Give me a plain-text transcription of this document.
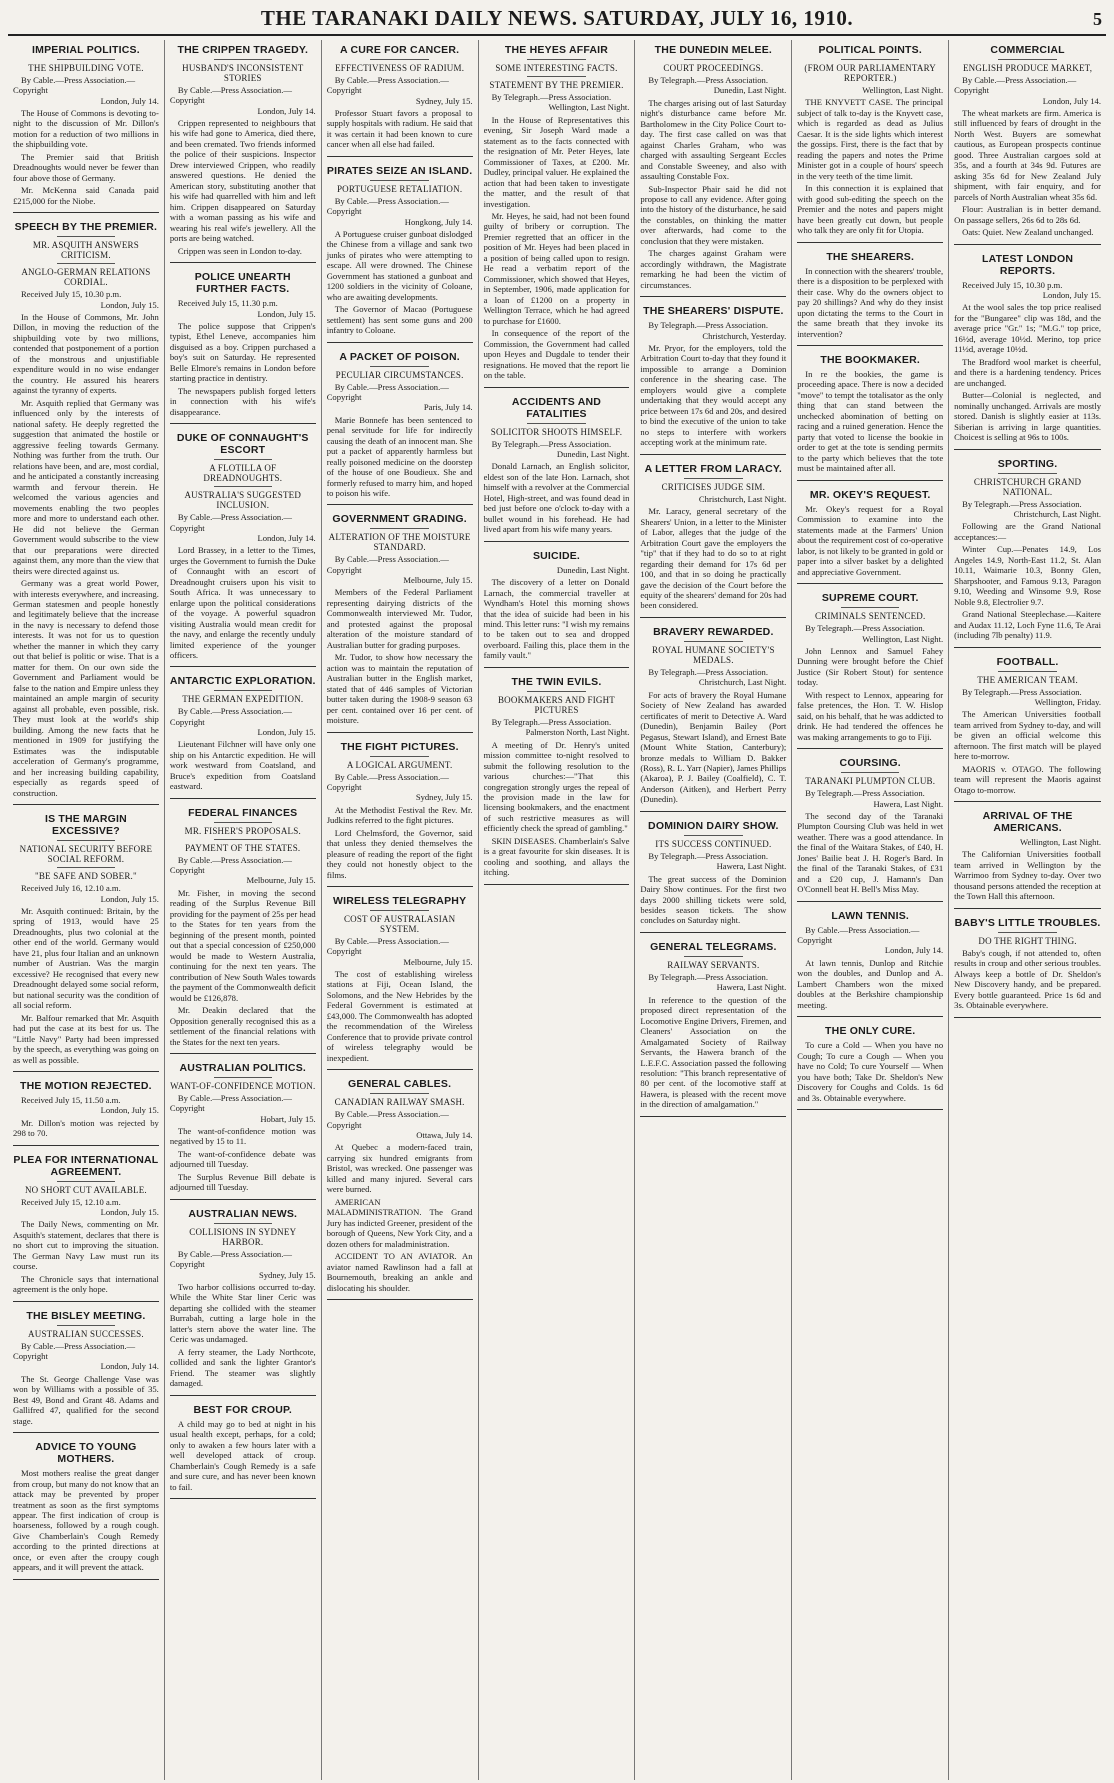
THE TARANAKI DAILY NEWS. SATURDAY, JULY 16, 1910.	5
IMPERIAL POLITICS.
THE SHIPBUILDING VOTE.
By Cable.—Press Association.—Copyright
London, July 14.

The House of Commons is devoting to-night to the discussion of Mr. Dillon's motion for a reduction of two millions in the shipbuilding vote.

The Premier said that British Dreadnoughts would never be fewer than four above those of Germany.

Mr. McKenna said Canada paid £215,000 for the Niobe.

SPEECH BY THE PREMIER.
MR. ASQUITH ANSWERS CRITICISM.
ANGLO-GERMAN RELATIONS CORDIAL.
Received July 15, 10.30 p.m.
London, July 15.

In the House of Commons, Mr. John Dillon, in moving the reduction of the shipbuilding vote by two millions, contended that postponement of a portion of the monstrous and unjustifiable expenditure would in no wise endanger the country. He assured his hearers against the tyranny of experts.

Mr. Asquith replied that Germany was influenced only by the interests of national safety. He deeply regretted the suggestion that animated the hostile or aggressive feeling towards Germany. Nothing was further from the truth. Our relations have been, and are, most cordial, and he anticipated a constantly increasing warmth and fervour therein. He welcomed the various agencies and movements enabling the two peoples more and more to understand each other. He did not believe the German Government would subscribe to the view that our preparations were directed against them, any more than the view that theirs were directed against us.

Germany was a great world Power, with interests everywhere, and increasing. German statesmen and people honestly and legitimately believe that the increase in the navy is necessary to defend those interests. It was not for us to question whether the manner in which they carry out that belief is politic or wise. That is a matter for them. On our own side the Government and Parliament would be false to the nation and Empire unless they maintained an ample margin of security against all probable, even possible, risk. They must look at the world's ship building. Among the new facts that he mentioned in 1909 for justifying the Estimates was the indisputable acceleration of Germany's programme, and her increasing building capability, especially as regards speed of construction.

IS THE MARGIN EXCESSIVE?
NATIONAL SECURITY BEFORE SOCIAL REFORM.
"BE SAFE AND SOBER."
Received July 16, 12.10 a.m.
London, July 15.

Mr. Asquith continued: Britain, by the spring of 1913, would have 25 Dreadnoughts, plus two colonial at the other end of the world. Germany would have 21, plus four Italian and an unknown number of Austrian. Was the margin excessive? He recognised that every new Dreadnought delayed some social reform, but national security was the condition of all social reform.

Mr. Balfour remarked that Mr. Asquith had put the case at its best for us. The "Little Navy" Party had been impressed by the speech, as everything was going on as well as possible.

THE MOTION REJECTED.
Received July 15, 11.50 a.m.
London, July 15.

Mr. Dillon's motion was rejected by 298 to 70.

PLEA FOR INTERNATIONAL AGREEMENT.
NO SHORT CUT AVAILABLE.
Received July 15, 12.10 a.m.
London, July 15.

The Daily News, commenting on Mr. Asquith's statement, declares that there is no short cut to improving the situation. The German Navy Law must run its course.

The Chronicle says that international agreement is the only hope.

THE BISLEY MEETING.
AUSTRALIAN SUCCESSES.
By Cable.—Press Association.—Copyright
London, July 14.

The St. George Challenge Vase was won by Williams with a possible of 35. Best 49, Bond and Grant 48. Adams and Gallifred 47, qualified for the second stage.

ADVICE TO YOUNG MOTHERS.

Most mothers realise the great danger from croup, but many do not know that an attack may be prevented by proper treatment as soon as the first symptoms appear. The first indication of croup is hoarseness, followed by a rough cough. Give Chamberlain's Cough Remedy according to the printed directions at once, or even after the croupy cough appears, and it will prevent the attack.

THE CRIPPEN TRAGEDY.
HUSBAND'S INCONSISTENT STORIES
By Cable.—Press Association.—Copyright
London, July 14.

Crippen represented to neighbours that his wife had gone to America, died there, and been cremated. Two friends informed the police of their suspicions. Inspector Drew interviewed Crippen, who readily answered questions. He denied the American story, substituting another that his wife had quarrelled with him and left him. Crippen disappeared on Saturday with a woman passing as his wife and wearing his real wife's jewellery. All the ports are being watched.

Crippen was seen in London to-day.

POLICE UNEARTH FURTHER FACTS.
Received July 15, 11.30 p.m.
London, July 15.

The police suppose that Crippen's typist, Ethel Leneve, accompanies him disguised as a boy. Crippen purchased a boy's suit on Saturday. He represented Belle Elmore's remains in London before starting practice in dentistry.

The newspapers publish forged letters in connection with his wife's disappearance.

DUKE OF CONNAUGHT'S ESCORT
A FLOTILLA OF DREADNOUGHTS.
AUSTRALIA'S SUGGESTED INCLUSION.
By Cable.—Press Association.—Copyright
London, July 14.

Lord Brassey, in a letter to the Times, urges the Government to furnish the Duke of Connaught with an escort of Dreadnought cruisers upon his visit to South Africa. It was unnecessary to enlarge upon the political considerations of the voyage. A powerful squadron visiting Australia would mean credit for the navy, and enlarge the recently unduly limited experience of the younger officers.

ANTARCTIC EXPLORATION.
THE GERMAN EXPEDITION.
By Cable.—Press Association.—Copyright
London, July 15.

Lieutenant Filchner will have only one ship on his Antarctic expedition. He will work westward from Coatsland, and Bruce's expedition from Coatsland eastward.

FEDERAL FINANCES
MR. FISHER'S PROPOSALS.
PAYMENT OF THE STATES.
By Cable.—Press Association.—Copyright
Melbourne, July 15.

Mr. Fisher, in moving the second reading of the Surplus Revenue Bill providing for the payment of 25s per head to the States for ten years from the beginning of the present month, pointed out that a special concession of £250,000 would be made to Western Australia, continuing for the next ten years. The contribution of New South Wales towards the payment of the Commonwealth deficit would be £126,878.

Mr. Deakin declared that the Opposition generally recognised this as a settlement of the financial relations with the States for the next ten years.

AUSTRALIAN POLITICS.
WANT-OF-CONFIDENCE MOTION.
By Cable.—Press Association.—Copyright
Hobart, July 15.

The want-of-confidence motion was negatived by 15 to 11.

The want-of-confidence debate was adjourned till Tuesday.

The Surplus Revenue Bill debate is adjourned till Tuesday.

AUSTRALIAN NEWS.
COLLISIONS IN SYDNEY HARBOR.
By Cable.—Press Association.—Copyright
Sydney, July 15.

Two harbor collisions occurred to-day. While the White Star liner Ceric was departing she collided with the steamer Burrabah, cutting a large hole in the latter's stern above the water line. The Ceric was undamaged.

A ferry steamer, the Lady Northcote, collided and sank the lighter Grantor's Friend. The steamer was slightly damaged.

BEST FOR CROUP.

A child may go to bed at night in his usual health except, perhaps, for a cold; only to awaken a few hours later with a well developed attack of croup. Chamberlain's Cough Remedy is a safe and sure cure, and has never been known to fail.

A CURE FOR CANCER.
EFFECTIVENESS OF RADIUM.
By Cable.—Press Association.—Copyright
Sydney, July 15.

Professor Stuart favors a proposal to supply hospitals with radium. He said that it was certain it had been known to cure cancer when all else had failed.

PIRATES SEIZE AN ISLAND.
PORTUGUESE RETALIATION.
By Cable.—Press Association.—Copyright
Hongkong, July 14.

A Portuguese cruiser gunboat dislodged the Chinese from a village and sank two junks of pirates who were attempting to escape. All were drowned. The Chinese Government has stationed a gunboat and 1200 soldiers in the vicinity of Coloane, who are awaiting developments.

The Governor of Macao (Portuguese settlement) has sent some guns and 200 infantry to Coloane.

A PACKET OF POISON.
PECULIAR CIRCUMSTANCES.
By Cable.—Press Association.—Copyright
Paris, July 14.

Marie Bonnefe has been sentenced to penal servitude for life for indirectly causing the death of an innocent man. She put a packet of apparently harmless but really poisoned medicine on the doorstep of the house of one Boudieux. She and formerly refused to marry him, and hoped to poison his wife.

GOVERNMENT GRADING.
ALTERATION OF THE MOISTURE STANDARD.
By Cable.—Press Association.—Copyright
Melbourne, July 15.

Members of the Federal Parliament representing dairying districts of the Commonwealth interviewed Mr. Tudor, and protested against the proposal alteration of the moisture standard of Australian butter for grading purposes.

Mr. Tudor, to show how necessary the action was to maintain the reputation of Australian butter in the English market, stated that of 446 samples of Victorian butter taken during the 1908-9 season 63 per cent. contained over 16 per cent. of moisture.

THE FIGHT PICTURES.
A LOGICAL ARGUMENT.
By Cable.—Press Association.—Copyright
Sydney, July 15.

At the Methodist Festival the Rev. Mr. Judkins referred to the fight pictures.

Lord Chelmsford, the Governor, said that unless they denied themselves the pleasure of reading the report of the fight they could not honestly object to the films.

WIRELESS TELEGRAPHY
COST OF AUSTRALASIAN SYSTEM.
By Cable.—Press Association.—Copyright
Melbourne, July 15.

The cost of establishing wireless stations at Fiji, Ocean Island, the Solomons, and the New Hebrides by the Federal Government is estimated at £43,000. The Commonwealth has adopted the recommendation of the Wireless Conference that to provide private control of wireless telegraphy would be inexpedient.

GENERAL CABLES.
CANADIAN RAILWAY SMASH.
By Cable.—Press Association.—Copyright
Ottawa, July 14.

At Quebec a modern-faced train, carrying six hundred emigrants from Bristol, was wrecked. One passenger was killed and many injured. Several cars were burned.

AMERICAN MALADMINISTRATION. The Grand Jury has indicted Greener, president of the borough of Queens, New York City, and a dozen others for maladministration.

ACCIDENT TO AN AVIATOR. An aviator named Rawlinson had a fall at Bournemouth, breaking an ankle and dislocating his shoulder.

THE HEYES AFFAIR
SOME INTERESTING FACTS.
STATEMENT BY THE PREMIER.
By Telegraph.—Press Association.
Wellington, Last Night.

In the House of Representatives this evening, Sir Joseph Ward made a statement as to the facts connected with the resignation of Mr. Peter Heyes, late Commissioner of Taxes, at £200. Mr. Dudley, principal valuer. He explained the action that had been taken to investigate the matter, and the result of that investigation.

Mr. Heyes, he said, had not been found guilty of bribery or corruption. The Premier regretted that an officer in the position of Mr. Heyes had been placed in a position of being called upon to resign. He read a verbatim report of the Commissioner, which showed that Heyes, in September, 1906, made application for a loan of £1200 on a property in Wellington Terrace, which he had agreed to purchase for £1600.

In consequence of the report of the Commission, the Government had called upon Heyes and Dugdale to tender their resignations. He moved that the report lie on the table.

ACCIDENTS AND FATALITIES
SOLICITOR SHOOTS HIMSELF.
By Telegraph.—Press Association.
Dunedin, Last Night.

Donald Larnach, an English solicitor, eldest son of the late Hon. Larnach, shot himself with a revolver at the Commercial Hotel, High-street, and was found dead in bed just before one o'clock to-day with a bullet wound in his forehead. He had lived apart from his wife many years.

SUICIDE.
Dunedin, Last Night.

The discovery of a letter on Donald Larnach, the commercial traveller at Wyndham's Hotel this morning shows that the idea of suicide had been in his mind. This letter runs: "I wish my remains to be taken out to sea and dropped overboard. Failing this, place them in the family vault."

THE TWIN EVILS.
BOOKMAKERS AND FIGHT PICTURES
By Telegraph.—Press Association.
Palmerston North, Last Night.

A meeting of Dr. Henry's united mission committee to-night resolved to submit the following resolution to the various churches:—"That this congregation strongly urges the repeal of the provision made in the law for licensing bookmakers, and the enactment of such restrictive measures as will efficiently check the spread of gambling."

SKIN DISEASES. Chamberlain's Salve is a great favourite for skin diseases. It is cooling and soothing, and allays the itching.

THE DUNEDIN MELEE.
COURT PROCEEDINGS.
By Telegraph.—Press Association.
Dunedin, Last Night.

The charges arising out of last Saturday night's disturbance came before Mr. Bartholomew in the City Police Court to-day. The first case called on was that against Charles Graham, who was charged with assaulting Sergeant Eccles and Constable Sweeney, and also with assaulting Constable Fox.

Sub-Inspector Phair said he did not propose to call any evidence. After going into the history of the disturbance, he said the constables, on thinking the matter over afterwards, had come to the conclusion that they were mistaken.

The charges against Graham were accordingly withdrawn, the Magistrate remarking he had been the victim of circumstances.

THE SHEARERS' DISPUTE.
By Telegraph.—Press Association.
Christchurch, Yesterday.

Mr. Pryor, for the employers, told the Arbitration Court to-day that they found it impossible to arrange a Dominion conference in the shearing case. The employers would give a complete undertaking that they would accept any price between 17s 6d and 20s, and desired to bind the executive of the union to take no steps to interfere with workers accepting work at the minimum rate.

A LETTER FROM LARACY.
CRITICISES JUDGE SIM.
Christchurch, Last Night.

Mr. Laracy, general secretary of the Shearers' Union, in a letter to the Minister of Labor, alleges that the judge of the Arbitration Court gave the employers the "tip" that if they had to do so to at right regarding their demand for 17s 6d per 100, and that in so doing he practically gave the decision of the Court before the equity of the shearers' demand for 20s had been considered.

BRAVERY REWARDED.
ROYAL HUMANE SOCIETY'S MEDALS.
By Telegraph.—Press Association.
Christchurch, Last Night.

For acts of bravery the Royal Humane Society of New Zealand has awarded certificates of merit to Detective A. Ward (Dunedin), Benjamin Bailey (Port Pegasus, Stewart Island), and Ernest Bate (Mount White Station, Canterbury); bronze medals to William D. Bakker (Ross), R. L. Yarr (Napier), James Phillips (Akaroa), P. J. Bailey (Coalfield), C. T. Anderson (Aitken), and Herbert Perry (Dunedin).

DOMINION DAIRY SHOW.
ITS SUCCESS CONTINUED.
By Telegraph.—Press Association.
Hawera, Last Night.

The great success of the Dominion Dairy Show continues. For the first two days 2000 shilling tickets were sold, besides season tickets. The show concludes on Saturday night.

GENERAL TELEGRAMS.
RAILWAY SERVANTS.
By Telegraph.—Press Association.
Hawera, Last Night.

In reference to the question of the proposed direct representation of the Locomotive Engine Drivers, Firemen, and Cleaners' Association on the Amalgamated Society of Railway Servants, the Hawera branch of the L.E.F.C. Association passed the following resolution: "This branch representative of 80 per cent. of the locomotive staff at Hawera, is pleased with the recent move in the direction of amalgamation."

POLITICAL POINTS.
(FROM OUR PARLIAMENTARY REPORTER.)
Wellington, Last Night.

THE KNYVETT CASE. The principal subject of talk to-day is the Knyvett case, which is regarded as dead as Julius Caesar. It is the side lights which interest the gossips. First, there is the fact that by reading the papers and notes the Prime Minister got in a couple of hours' speech in the very teeth of the time limit.

In this connection it is explained that with good sub-editing the speech on the Premier and the notes and papers might have been greatly cut down, but people who talk they are only fit for Utopia.

THE SHEARERS.

In connection with the shearers' trouble, there is a disposition to be perplexed with their case. Why do the owners object to pay 20 shillings? And why do they insist upon dictating the terms to the Court in the same breath that they invoke its intervention?

THE BOOKMAKER.

In re the bookies, the game is proceeding apace. There is now a decided "move" to tempt the totalisator as the only thing that can stand between the unchecked abomination of betting on racing and a ruined generation. Hence the party that voted to license the bookie in order to get at the tote is sending permits to the party which believes that the tote must be maintained after all.

MR. OKEY'S REQUEST.

Mr. Okey's request for a Royal Commission to examine into the statements made at the Farmers' Union about the requirement cost of co-operative labor, is not likely to be granted in gold or paper into a silver basket by a delighted and appreciative Government.

SUPREME COURT.
CRIMINALS SENTENCED.
By Telegraph.—Press Association.
Wellington, Last Night.

John Lennox and Samuel Fahey Dunning were brought before the Chief Justice (Sir Robert Stout) for sentence today.

With respect to Lennox, appearing for false pretences, the Hon. T. W. Hislop said, on his behalf, that he was addicted to drink. He had tendered the offences he was making arrangements to go to Fiji.

COURSING.
TARANAKI PLUMPTON CLUB.
By Telegraph.—Press Association.
Hawera, Last Night.

The second day of the Taranaki Plumpton Coursing Club was held in wet weather. There was a good attendance. In the final of the Waitara Stakes, of £40, H. Jones' Bailie beat J. H. Roger's Bard. In the final of the Taranaki Stakes, of £31 and a £20 cup, J. Hamann's Dan O'Connell beat H. Bell's Miss May.

LAWN TENNIS.
By Cable.—Press Association.—Copyright
London, July 14.

At lawn tennis, Dunlop and Ritchie won the doubles, and Dunlop and A. Lambert Chambers won the mixed doubles at the Berkshire championship meeting.

THE ONLY CURE.

To cure a Cold — When you have no Cough; To cure a Cough — When you have no Cold; To cure Yourself — When you have both; Take Dr. Sheldon's New Discovery for Coughs and Colds. 1s 6d and 3s. Obtainable everywhere.

COMMERCIAL
ENGLISH PRODUCE MARKET,
By Cable.—Press Association.—Copyright
London, July 14.

The wheat markets are firm. America is still influenced by fears of drought in the North West. Buyers are somewhat cautious, as European prospects continue good. Three Australian cargoes sold at 35s, and a fourth at 34s 9d. Futures are asking 35s 6d for New Zealand July shipment, with fair enquiry, and for parcels of North Australian wheat 35s 6d.

Flour: Australian is in better demand. On passage sellers, 26s 6d to 28s 6d.

Oats: Quiet. New Zealand unchanged.

LATEST LONDON REPORTS.
Received July 15, 10.30 p.m.
London, July 15.

At the wool sales the top price realised for the "Bungaree" clip was 18d, and the average price "Gr." 1s; "M.G." top price, 16½d, average 10½d. Merino, top price 11½d, average 10½d.

The Bradford wool market is cheerful, and there is a hardening tendency. Prices are unchanged.

Butter—Colonial is neglected, and nominally unchanged. Arrivals are mostly stored. Danish is slightly easier at 113s. Siberian is arriving in large quantities. Choicest is selling at 96s to 100s.

SPORTING.
CHRISTCHURCH GRAND NATIONAL.
By Telegraph.—Press Association.
Christchurch, Last Night.

Following are the Grand National acceptances:—

Winter Cup.—Penates 14.9, Los Angeles 14.9, North-East 11.2, St. Alan 10.11, Waimarie 10.3, Bonny Glen, Sharpshooter, and Famous 9.13, Paragon 9.10, Weeding and Winsome 9.9, Rose Noble 9.8, Electrolier 9.7.

Grand National Steeplechase.—Kaitere and Audax 11.12, Loch Fyne 11.6, Te Arai (including 7lb penalty) 11.9.

FOOTBALL.
THE AMERICAN TEAM.
By Telegraph.—Press Association.
Wellington, Friday.

The American Universities football team arrived from Sydney to-day, and will be given an official welcome this afternoon. The first match will be played here to-morrow.

MAORIS v. OTAGO. The following team will represent the Maoris against Otago to-morrow.

ARRIVAL OF THE AMERICANS.
Wellington, Last Night.

The Californian Universities football team arrived in Wellington by the Warrimoo from Sydney to-day. Over two thousand persons attended the reception at the Town Hall this afternoon.

BABY'S LITTLE TROUBLES.
DO THE RIGHT THING.

Baby's cough, if not attended to, often results in croup and other serious troubles. Always keep a bottle of Dr. Sheldon's New Discovery handy, and be prepared. Every bottle guaranteed. Price 1s 6d and 3s. Obtainable everywhere.
